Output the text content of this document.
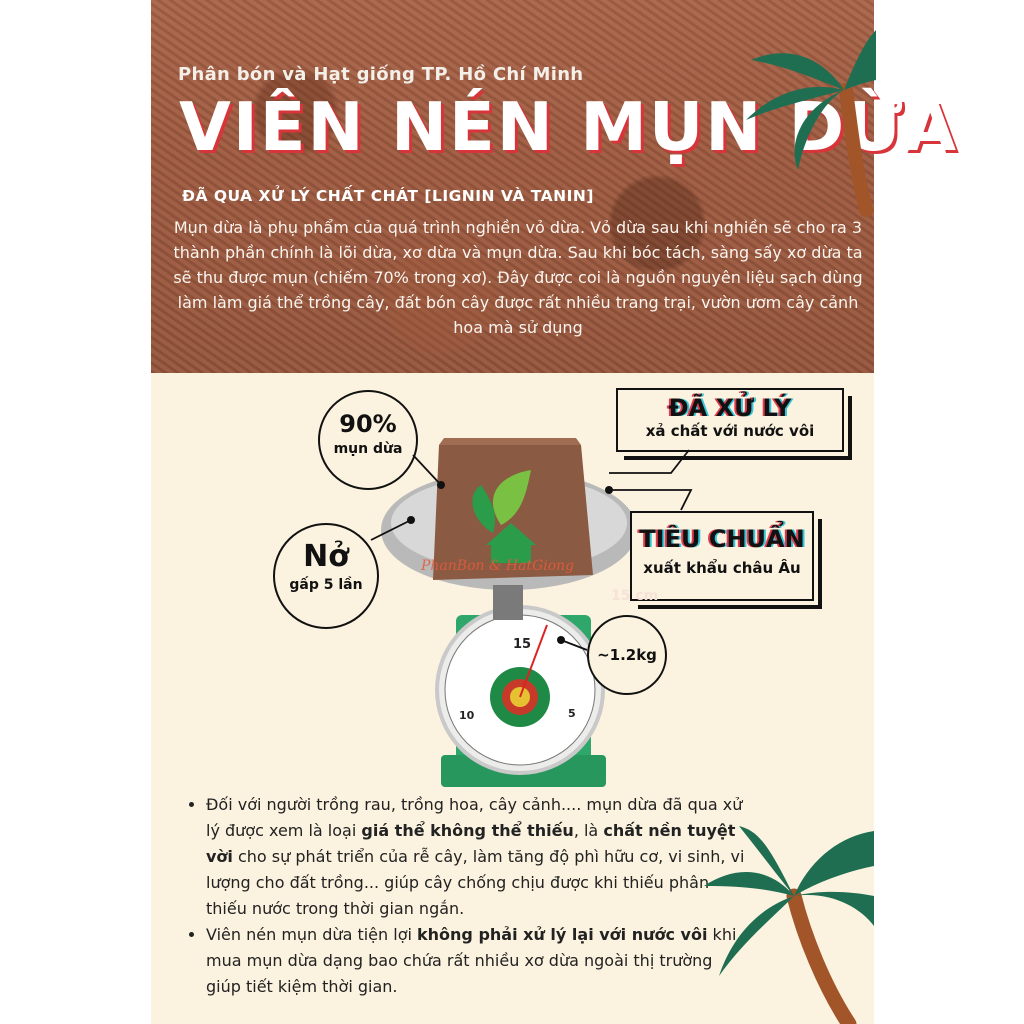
Phân bón và Hạt giống TP. Hồ Chí Minh
VIÊN NÉN MỤN DỪA
ĐÃ QUA XỬ LÝ CHẤT CHÁT [LIGNIN VÀ TANIN]
Mụn dừa là phụ phẩm của quá trình nghiền vỏ dừa. Vỏ dừa sau khi nghiền sẽ cho ra 3 thành phần chính là lõi dừa, xơ dừa và mụn dừa. Sau khi bóc tách, sàng sấy xơ dừa ta sẽ thu được mụn (chiếm 70% trong xơ). Đây được coi là nguồn nguyên liệu sạch dùng làm làm giá thể trồng cây, đất bón cây được rất nhiều trang trại, vườn ươm cây cảnh hoa mà sử dụng
PhanBon & HatGiong
15
10	5
90%
mụn dừa
Nở
gấp 5 lần
~1.2kg
ĐÃ XỬ LÝ
xả chất với nước vôi
TIÊU CHUẨN
xuất khẩu châu Âu
15 cm
• Đối với người trồng rau, trồng hoa, cây cảnh.... mụn dừa đã qua xử lý được xem là loại giá thể không thể thiếu, là chất nền tuyệt vời cho sự phát triển của rễ cây, làm tăng độ phì hữu cơ, vi sinh, vi lượng cho đất trồng... giúp cây chống chịu được khi thiếu phân thiếu nước trong thời gian ngắn.
• Viên nén mụn dừa tiện lợi không phải xử lý lại với nước vôi khi mua mụn dừa dạng bao chứa rất nhiều xơ dừa ngoài thị trường giúp tiết kiệm thời gian.
